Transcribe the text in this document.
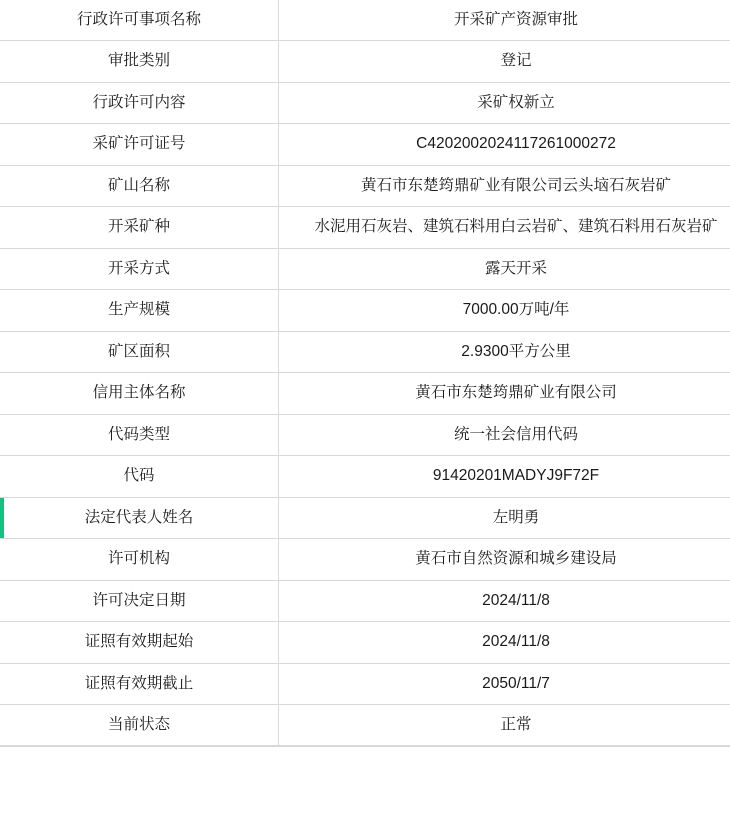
行政许可事项名称	开采矿产资源审批
审批类别	登记
行政许可内容	采矿权新立
采矿许可证号	C4202002024117261000272
矿山名称	黄石市东楚筠鼎矿业有限公司云头垴石灰岩矿
开采矿种	水泥用石灰岩、建筑石料用白云岩矿、建筑石料用石灰岩矿
开采方式	露天开采
生产规模	7000.00万吨/年
矿区面积	2.9300平方公里
信用主体名称	黄石市东楚筠鼎矿业有限公司
代码类型	统一社会信用代码
代码	91420201MADYJ9F72F
法定代表人姓名	左明勇
许可机构	黄石市自然资源和城乡建设局
许可决定日期	2024/11/8
证照有效期起始	2024/11/8
证照有效期截止	2050/11/7
当前状态	正常
